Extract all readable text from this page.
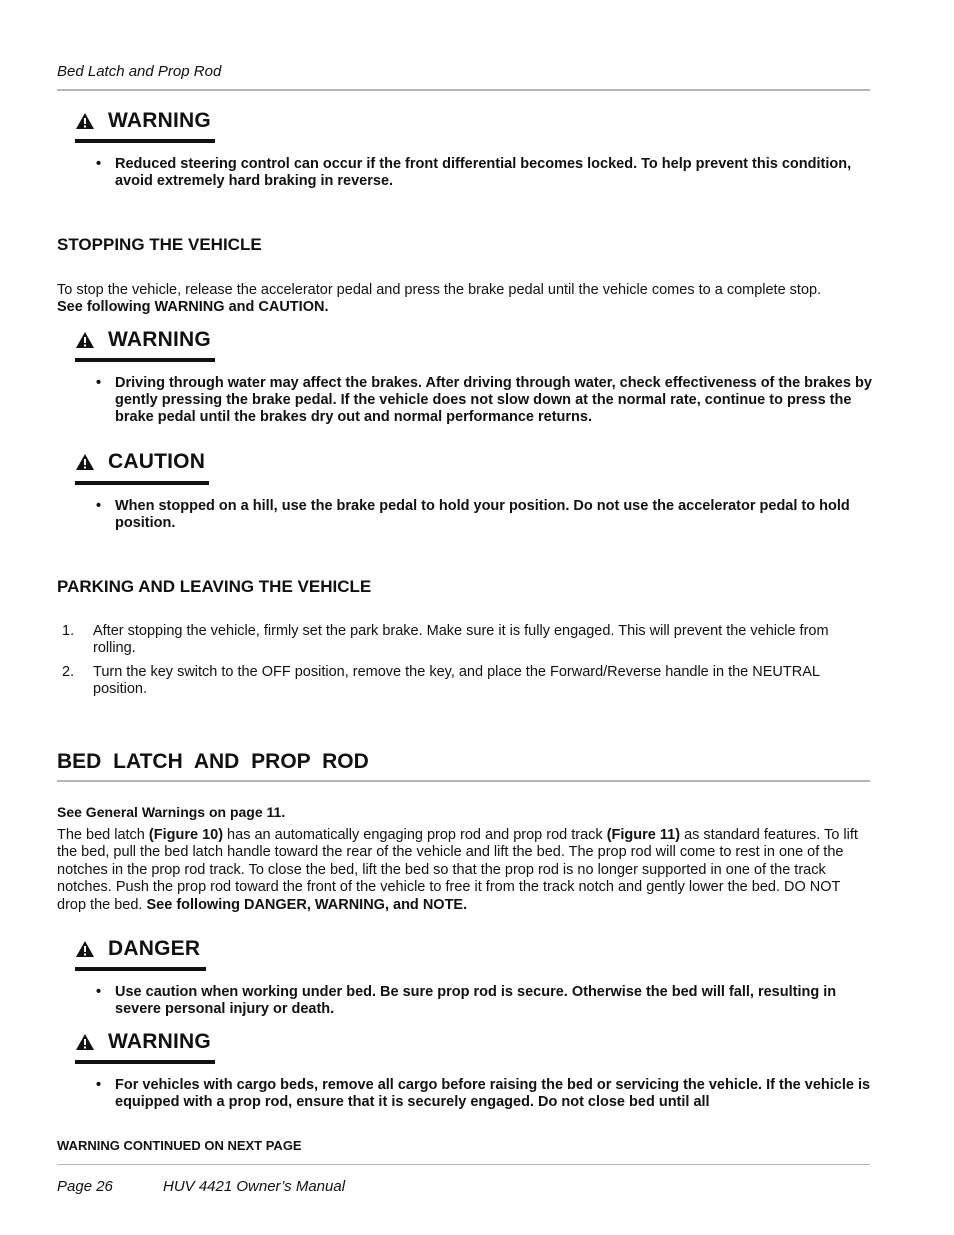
Bed Latch and Prop Rod
WARNING
• Reduced steering control can occur if the front differential becomes locked. To help prevent this condition, avoid extremely hard braking in reverse.
STOPPING THE VEHICLE
To stop the vehicle, release the accelerator pedal and press the brake pedal until the vehicle comes to a complete stop.
See following WARNING and CAUTION.
WARNING
• Driving through water may affect the brakes. After driving through water, check effectiveness of the brakes by gently pressing the brake pedal. If the vehicle does not slow down at the normal rate, continue to press the brake pedal until the brakes dry out and normal performance returns.
CAUTION
• When stopped on a hill, use the brake pedal to hold your position. Do not use the accelerator pedal to hold position.
PARKING AND LEAVING THE VEHICLE
1. After stopping the vehicle, firmly set the park brake. Make sure it is fully engaged. This will prevent the vehicle from rolling.
2. Turn the key switch to the OFF position, remove the key, and place the Forward/Reverse handle in the NEUTRAL position.
BED LATCH AND PROP ROD
See General Warnings on page 11.
The bed latch (Figure 10) has an automatically engaging prop rod and prop rod track (Figure 11) as standard features. To lift the bed, pull the bed latch handle toward the rear of the vehicle and lift the bed. The prop rod will come to rest in one of the notches in the prop rod track. To close the bed, lift the bed so that the prop rod is no longer supported in one of the track notches. Push the prop rod toward the front of the vehicle to free it from the track notch and gently lower the bed. DO NOT drop the bed. See following DANGER, WARNING, and NOTE.
DANGER
• Use caution when working under bed. Be sure prop rod is secure. Otherwise the bed will fall, resulting in severe personal injury or death.
WARNING
• For vehicles with cargo beds, remove all cargo before raising the bed or servicing the vehicle. If the vehicle is equipped with a prop rod, ensure that it is securely engaged. Do not close bed until all
WARNING CONTINUED ON NEXT PAGE
Page 26	HUV 4421 Owner’s Manual
